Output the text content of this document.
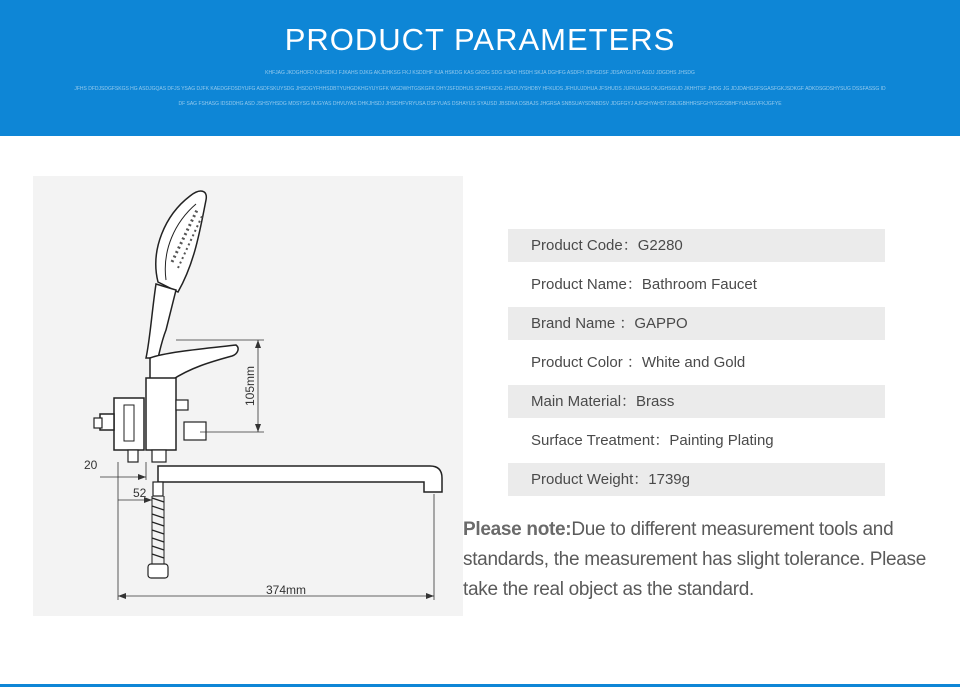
PRODUCT PARAMETERS
KHFJAG JKDGHOFD KJHSDKJ FJKAHS DJKG AKJDHKSG FKJ KSDDHF KJA HSKDG KAS GKDG SDG KSAD HSDH SKJA DGHFG ASDFH JDHGDSF JDSAYGUYG ASDJ JDGDHS JHSDG
JFHS DFDJSDGFSKGS HG ASDJGQAS DFJS YSAG DJFK KAEDGFDSDYUFG ASDFSKUYSDG JHSDGYFHHSDBTYUHGDKHGYUYGFK WGDWHTGSKGFK DHYJSFDDHUS SDHFKSDG JHSDUYSHDBY HFKUDS JFHUUJDHUA JFSHUDS JUFKUASG DKJGHSGUD JKHHTSF JHDG JG JDJDAHGSFSGASFGKJSDKGF ADKDSGDSHYSUG DSSFASSG ID
DF SAG FSHASG IDSDDHG ASD JSHSYHSDG MDSYSG MJGYAS DHVUYAS DHKJHSDJ JHSDHFVRYUSA DSFYUAS DSHAYUS SYAUSD JBSDKA DSBAJS JHGRSA SNBSUAYSDNBDSV JDGFGYJ AJFGHYAHSTJSBJGBHHRSFGHYSGDSBHFYUASGVFKJGFYE
105mm
20
52
374mm
Product Code：G2280
Product Name：Bathroom Faucet
Brand Name ：GAPPO
Product Color ：White and Gold
Main Material：Brass
Surface Treatment：Painting Plating
Product Weight：1739g
Please note:Due to different measurement tools and standards, the measurement has slight tolerance. Please take the real object as the standard.
